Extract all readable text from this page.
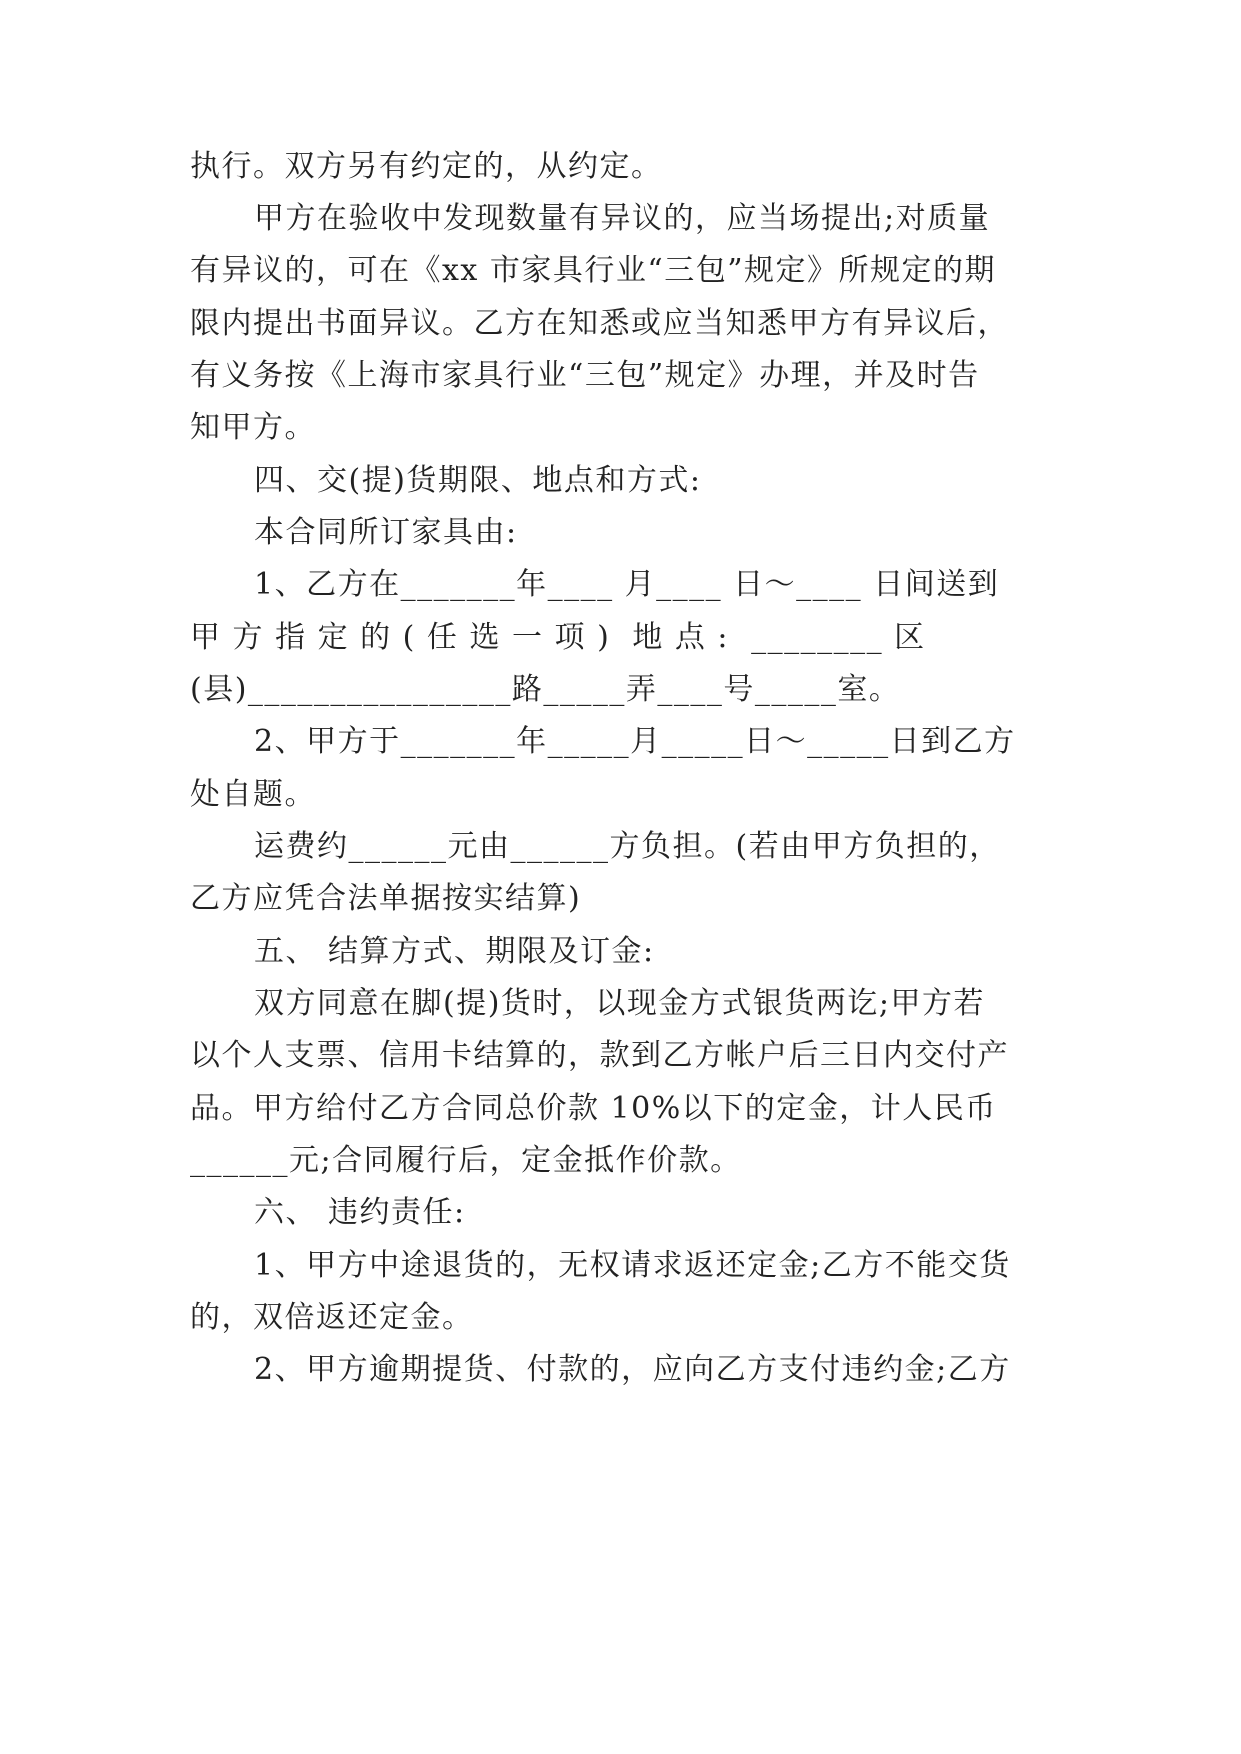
执行。双方另有约定的，从约定。
甲方在验收中发现数量有异议的，应当场提出;对质量
有异议的，可在《xx 市家具行业“三包”规定》所规定的期
限内提出书面异议。乙方在知悉或应当知悉甲方有异议后，
有义务按《上海市家具行业“三包”规定》办理，并及时告
知甲方。
四、交(提)货期限、地点和方式:
本合同所订家具由:
1、乙方在_______年____ 月____ 日～____ 日间送到
甲 方 指 定 的 ( 任 选 一 项 )  地 点 :  ________ 区
(县)________________路_____弄____号_____室。
2、甲方于_______年_____月_____日～_____日到乙方
处自题。
运费约______元由______方负担。(若由甲方负担的，
乙方应凭合法单据按实结算)
五、 结算方式、期限及订金:
双方同意在脚(提)货时，以现金方式银货两讫;甲方若
以个人支票、信用卡结算的，款到乙方帐户后三日内交付产
品。甲方给付乙方合同总价款 10%以下的定金，计人民币
______元;合同履行后，定金抵作价款。
六、 违约责任:
1、甲方中途退货的，无权请求返还定金;乙方不能交货
的，双倍返还定金。
2、甲方逾期提货、付款的，应向乙方支付违约金;乙方
